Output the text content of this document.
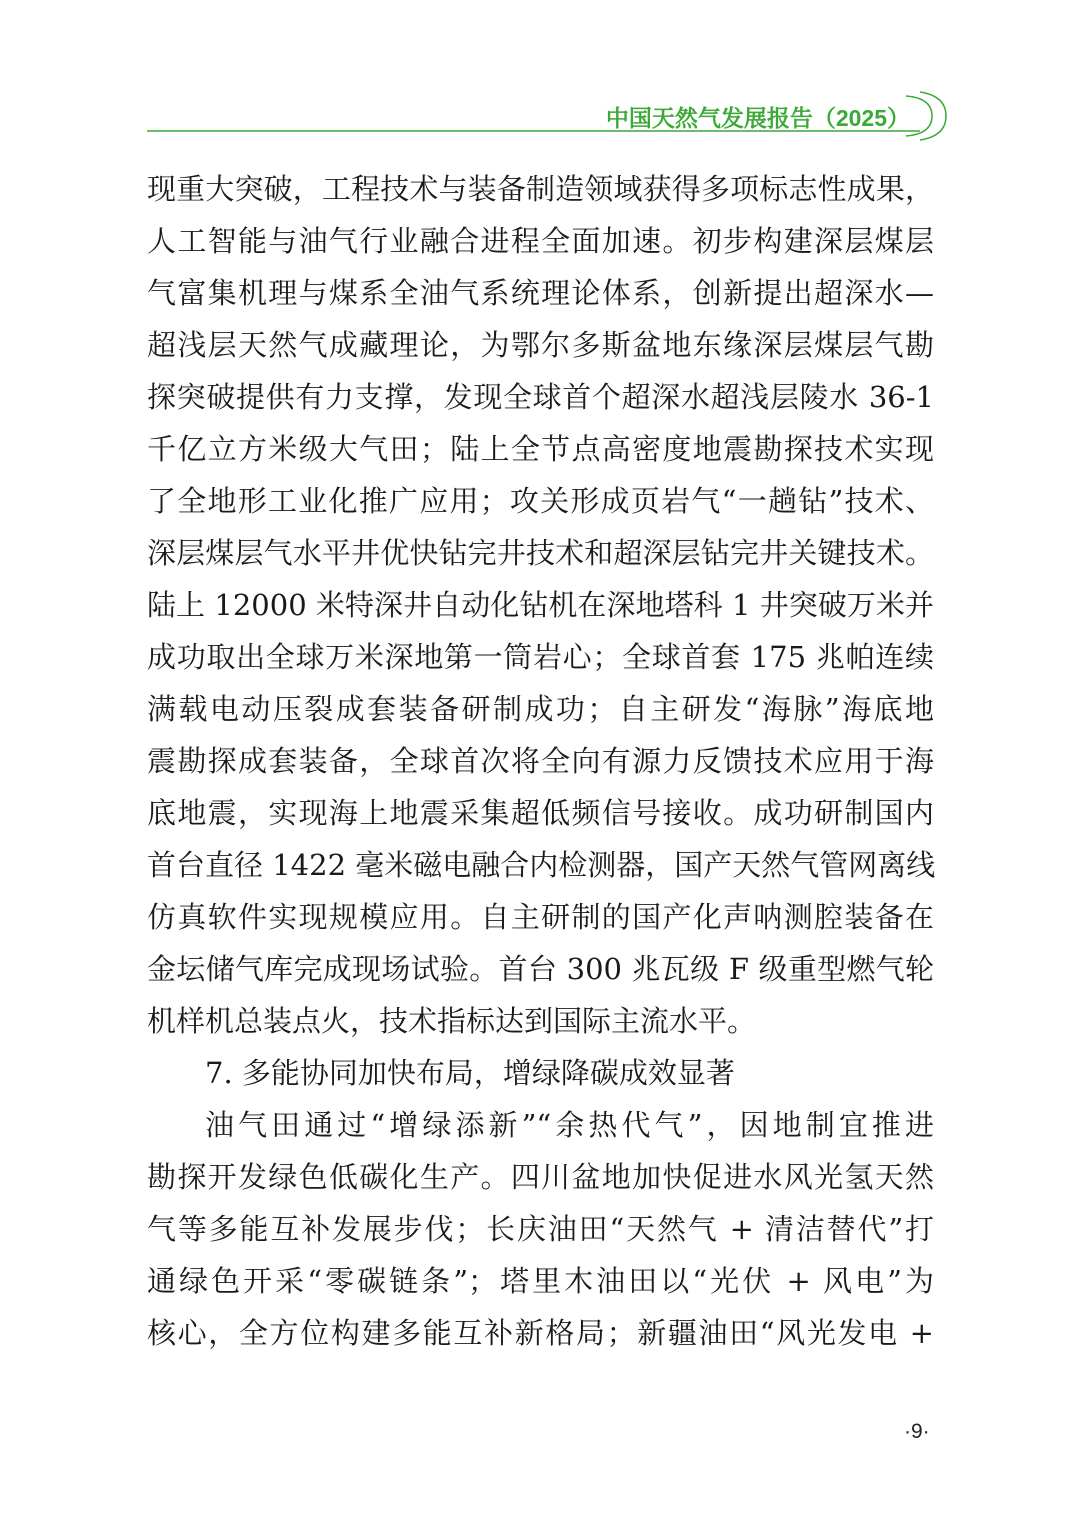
中国天然气发展报告（2025）
现重大突破，工程技术与装备制造领域获得多项标志性成果，
人工智能与油气行业融合进程全面加速。初步构建深层煤层
气富集机理与煤系全油气系统理论体系，创新提出超深水—
超浅层天然气成藏理论，为鄂尔多斯盆地东缘深层煤层气勘
探突破提供有力支撑，发现全球首个超深水超浅层陵水 36-1
千亿立方米级大气田；陆上全节点高密度地震勘探技术实现
了全地形工业化推广应用；攻关形成页岩气“一趟钻”技术、
深层煤层气水平井优快钻完井技术和超深层钻完井关键技术。
陆上 12000 米特深井自动化钻机在深地塔科 1 井突破万米并
成功取出全球万米深地第一筒岩心；全球首套 175 兆帕连续
满载电动压裂成套装备研制成功；自主研发“海脉”海底地
震勘探成套装备，全球首次将全向有源力反馈技术应用于海
底地震，实现海上地震采集超低频信号接收。成功研制国内
首台直径 1422 毫米磁电融合内检测器，国产天然气管网离线
仿真软件实现规模应用。自主研制的国产化声呐测腔装备在
金坛储气库完成现场试验。首台 300 兆瓦级 F 级重型燃气轮
机样机总装点火，技术指标达到国际主流水平。
7. 多能协同加快布局，增绿降碳成效显著
油气田通过“增绿添新”“余热代气”，因地制宜推进
勘探开发绿色低碳化生产。四川盆地加快促进水风光氢天然
气等多能互补发展步伐；长庆油田“天然气 + 清洁替代”打
通绿色开采“零碳链条”；塔里木油田以“光伏 + 风电”为
核心，全方位构建多能互补新格局；新疆油田“风光发电 +
·9·
